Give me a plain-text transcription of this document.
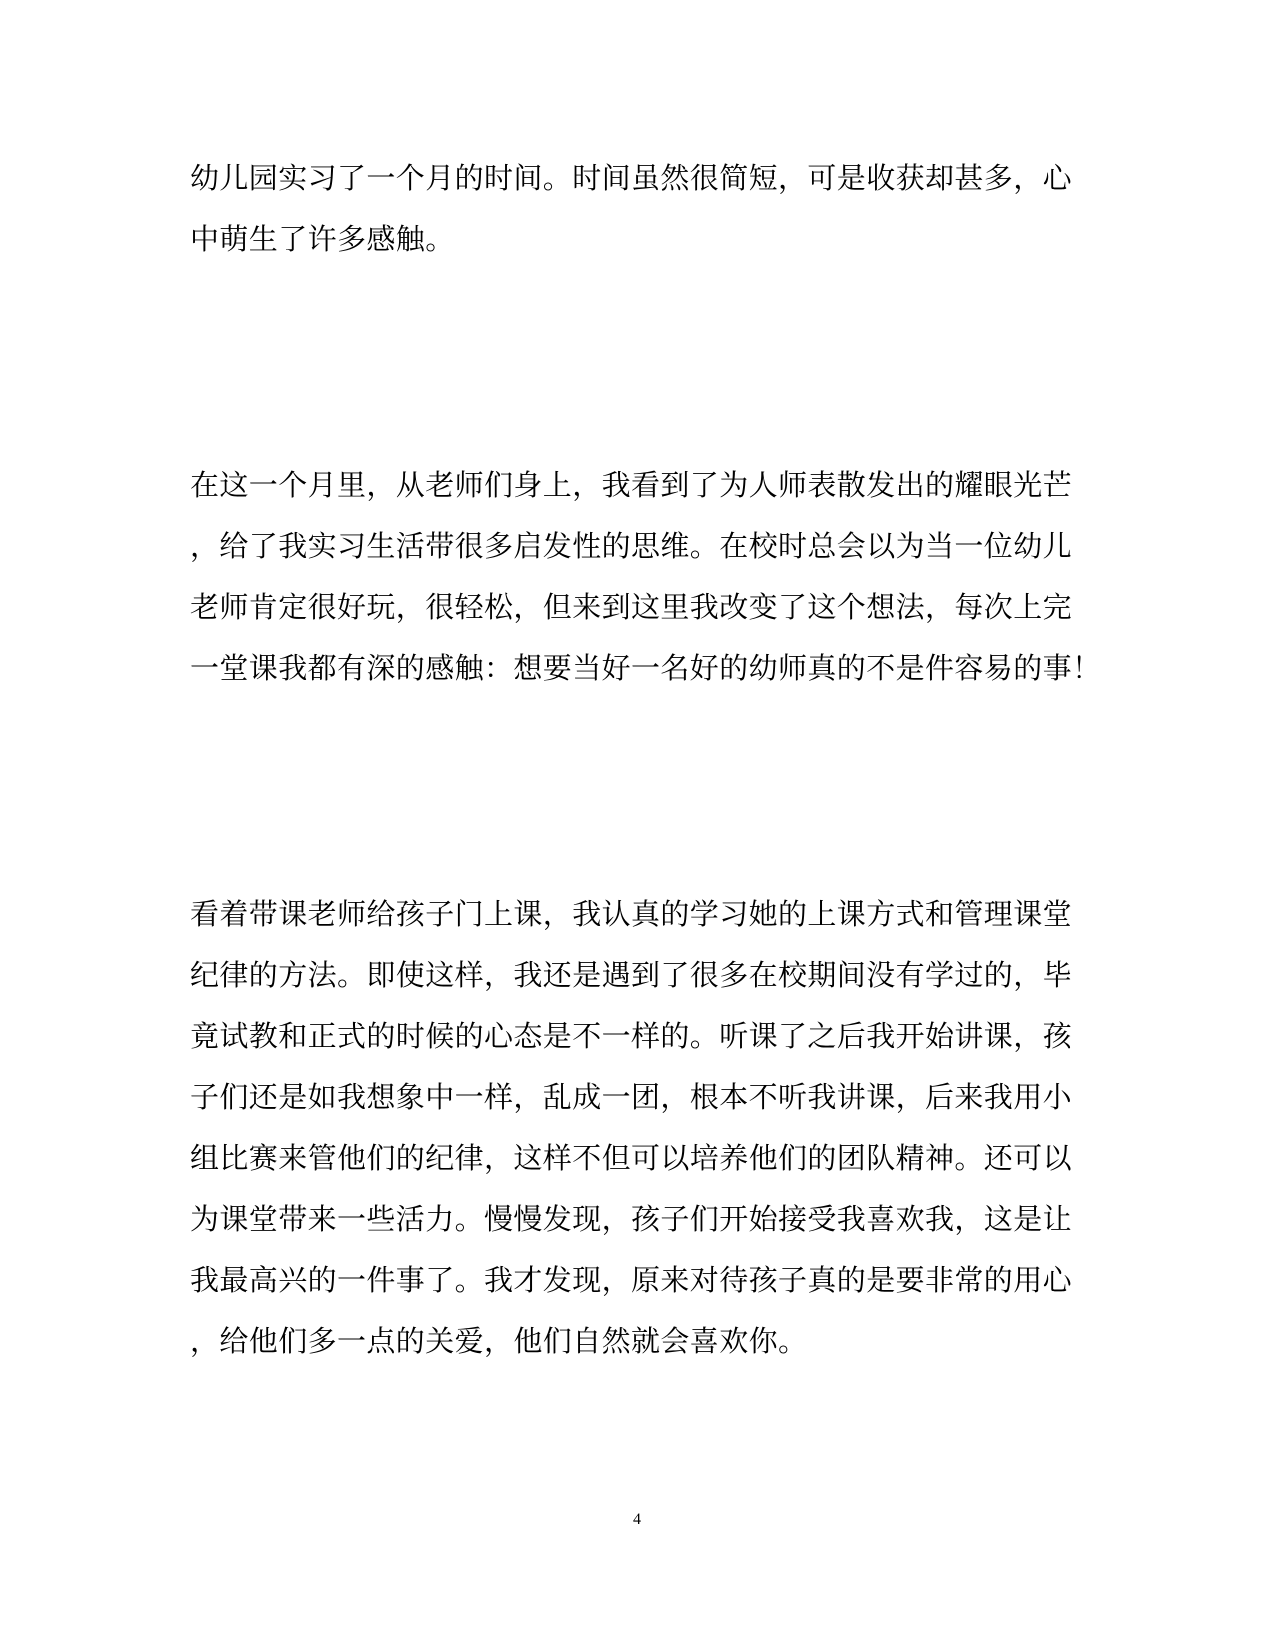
幼儿园实习了一个月的时间。时间虽然很简短，可是收获却甚多，心
中萌生了许多感触。
在这一个月里，从老师们身上，我看到了为人师表散发出的耀眼光芒
，给了我实习生活带很多启发性的思维。在校时总会以为当一位幼儿
老师肯定很好玩，很轻松，但来到这里我改变了这个想法，每次上完
一堂课我都有深的感触：想要当好一名好的幼师真的不是件容易的事！
看着带课老师给孩子门上课，我认真的学习她的上课方式和管理课堂
纪律的方法。即使这样，我还是遇到了很多在校期间没有学过的，毕
竟试教和正式的时候的心态是不一样的。听课了之后我开始讲课，孩
子们还是如我想象中一样，乱成一团，根本不听我讲课，后来我用小
组比赛来管他们的纪律，这样不但可以培养他们的团队精神。还可以
为课堂带来一些活力。慢慢发现，孩子们开始接受我喜欢我，这是让
我最高兴的一件事了。我才发现，原来对待孩子真的是要非常的用心
，给他们多一点的关爱，他们自然就会喜欢你。
4
